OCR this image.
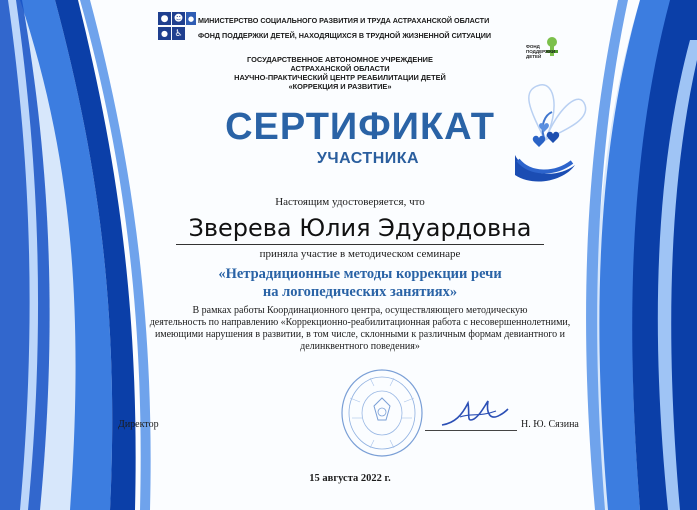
● ☻
● ♿
● МИНИСТЕРСТВО СОЦИАЛЬНОГО РАЗВИТИЯ И ТРУДА АСТРАХАНСКОЙ ОБЛАСТИ
ФОНД ПОДДЕРЖКИ ДЕТЕЙ, НАХОДЯЩИХСЯ В ТРУДНОЙ ЖИЗНЕННОЙ СИТУАЦИИ
ФОНД
ПОДДЕРЖКИ
ДЕТЕЙ
ГОСУДАРСТВЕННОЕ АВТОНОМНОЕ УЧРЕЖДЕНИЕ
АСТРАХАНСКОЙ ОБЛАСТИ
НАУЧНО-ПРАКТИЧЕСКИЙ ЦЕНТР РЕАБИЛИТАЦИИ ДЕТЕЙ
«КОРРЕКЦИЯ И РАЗВИТИЕ»
СЕРТИФИКАТ
УЧАСТНИКА
Настоящим удостоверяется, что
Зверева Юлия Эдуардовна
приняла участие в методическом семинаре
«Нетрадиционные методы коррекции речи
на логопедических занятиях»
В рамках работы Координационного центра, осуществляющего методическую
деятельность по направлению «Коррекционно-реабилитационная работа с несовершеннолетними,
имеющими нарушения в развитии, в том числе, склонными к различным формам девиантного и
делинквентного поведения»
Директор	Н. Ю. Сязина
15 августа 2022 г.
